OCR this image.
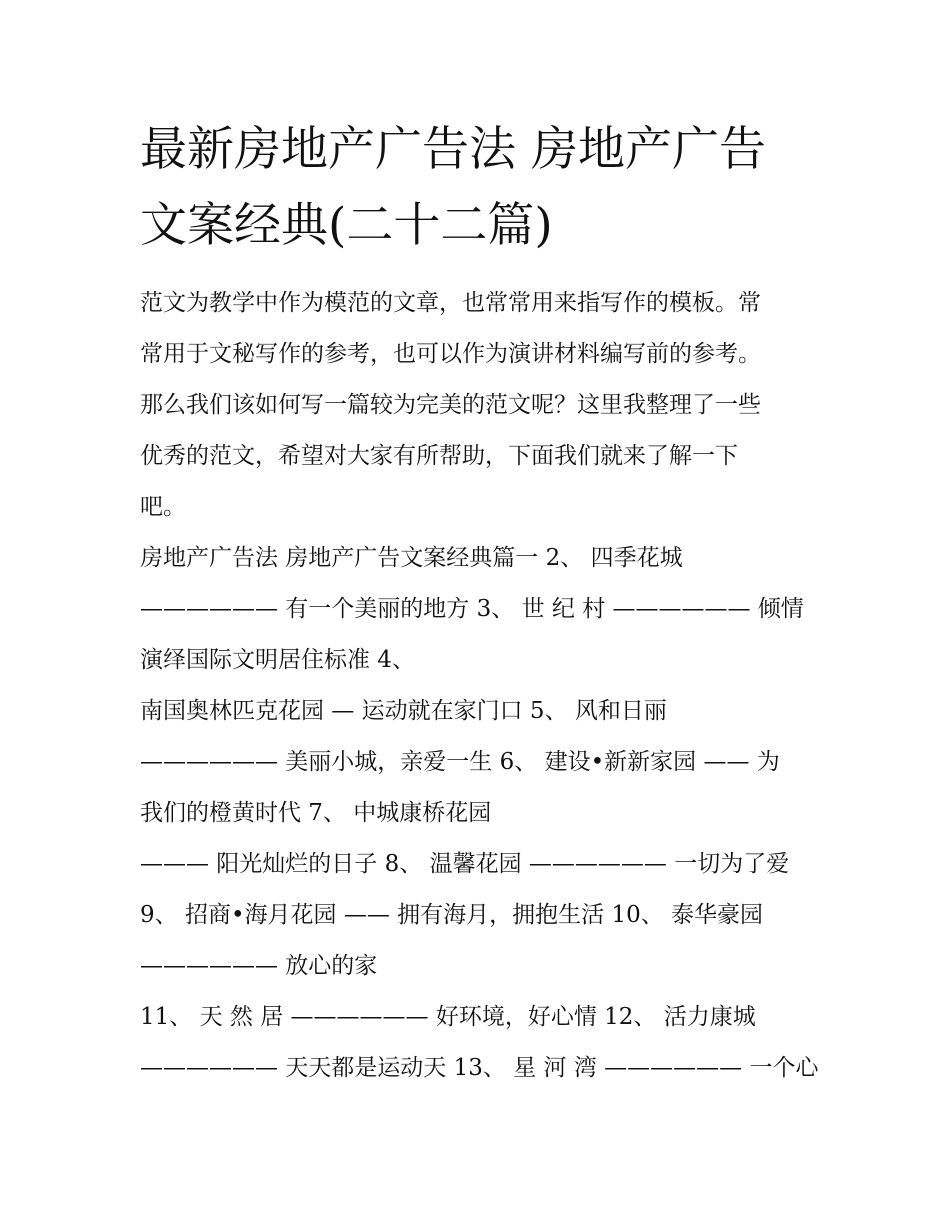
最新房地产广告法 房地产广告
文案经典(二十二篇)
范文为教学中作为模范的文章，也常常用来指写作的模板。常
常用于文秘写作的参考，也可以作为演讲材料编写前的参考。
那么我们该如何写一篇较为完美的范文呢？这里我整理了一些
优秀的范文，希望对大家有所帮助，下面我们就来了解一下
吧。
房地产广告法 房地产广告文案经典篇一 2、 四季花城
—————— 有一个美丽的地方 3、 世 纪 村 —————— 倾情
演绎国际文明居住标准 4、
南国奥林匹克花园 — 运动就在家门口 5、 风和日丽
—————— 美丽小城，亲爱一生 6、 建设•新新家园 —— 为
我们的橙黄时代 7、 中城康桥花园
——— 阳光灿烂的日子 8、 温馨花园 —————— 一切为了爱
9、 招商•海月花园 —— 拥有海月，拥抱生活 10、 泰华豪园
—————— 放心的家
11、 天 然 居 —————— 好环境，好心情 12、 活力康城
—————— 天天都是运动天 13、 星 河 湾 —————— 一个心
